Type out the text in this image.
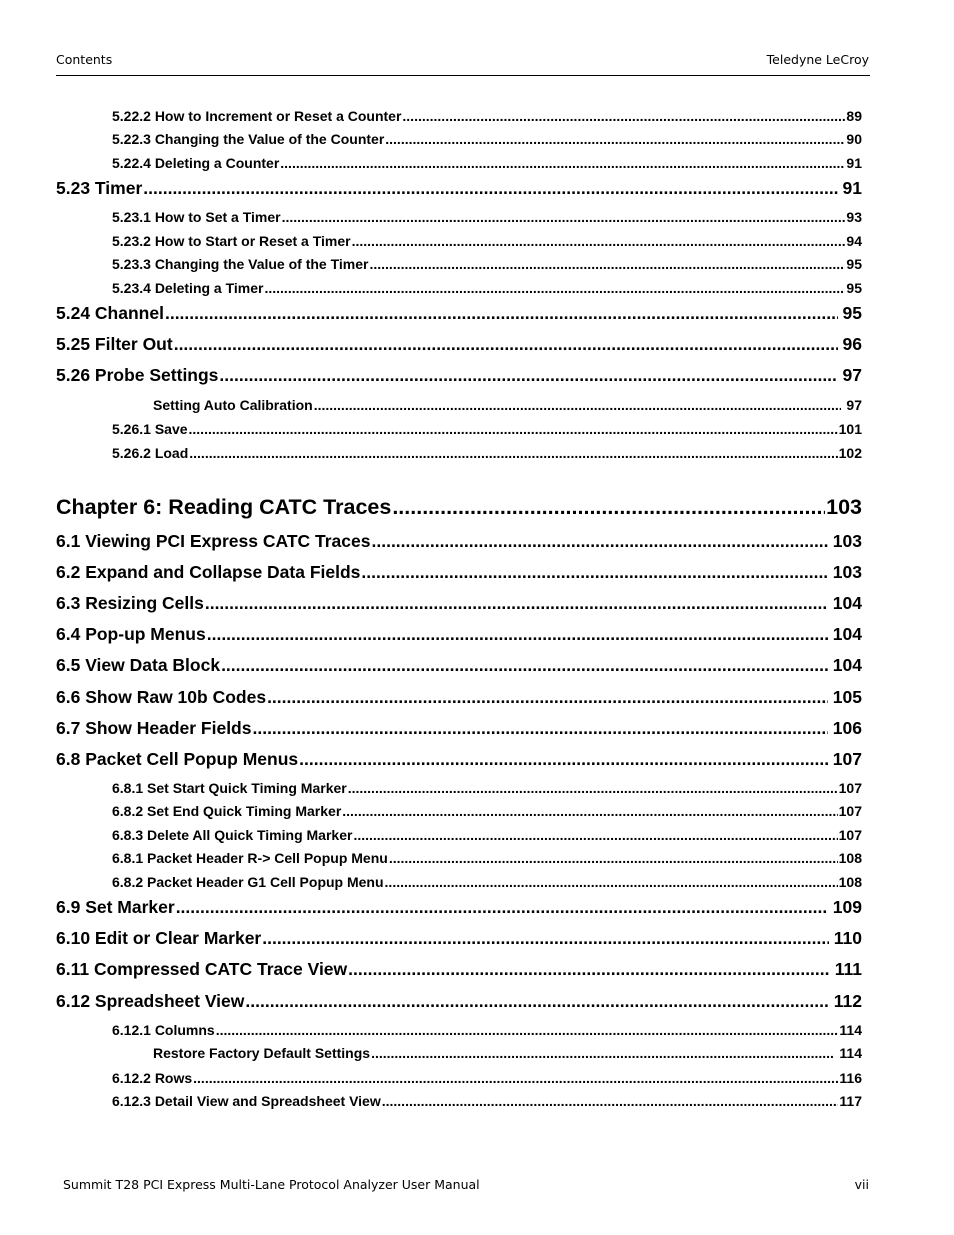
Contents	Teledyne LeCroy
5.22.2 How to Increment or Reset a Counter .....	89
5.22.3 Changing the Value of the Counter .....	90
5.22.4 Deleting a Counter .....	91
5.23 Timer .....	91
5.23.1 How to Set a Timer .....	93
5.23.2 How to Start or Reset a Timer .....	94
5.23.3 Changing the Value of the Timer .....	95
5.23.4 Deleting a Timer .....	95
5.24 Channel .....	95
5.25 Filter Out .....	96
5.26 Probe Settings .....	97
Setting Auto Calibration .....	97
5.26.1 Save .....	101
5.26.2 Load .....	102
Chapter 6: Reading CATC Traces .....	103
6.1 Viewing PCI Express CATC Traces .....	103
6.2 Expand and Collapse Data Fields .....	103
6.3 Resizing Cells .....	104
6.4 Pop-up Menus .....	104
6.5 View Data Block .....	104
6.6 Show Raw 10b Codes .....	105
6.7 Show Header Fields .....	106
6.8 Packet Cell Popup Menus .....	107
6.8.1 Set Start Quick Timing Marker .....	107
6.8.2 Set End Quick Timing Marker .....	107
6.8.3 Delete All Quick Timing Marker .....	107
6.8.1 Packet Header R-> Cell Popup Menu .....	108
6.8.2 Packet Header G1 Cell Popup Menu .....	108
6.9 Set Marker .....	109
6.10 Edit or Clear Marker .....	110
6.11 Compressed CATC Trace View .....	111
6.12 Spreadsheet View .....	112
6.12.1 Columns .....	114
Restore Factory Default Settings .....	114
6.12.2 Rows .....	116
6.12.3 Detail View and Spreadsheet View .....	117
Summit T28 PCI Express Multi-Lane Protocol Analyzer User Manual	vii
